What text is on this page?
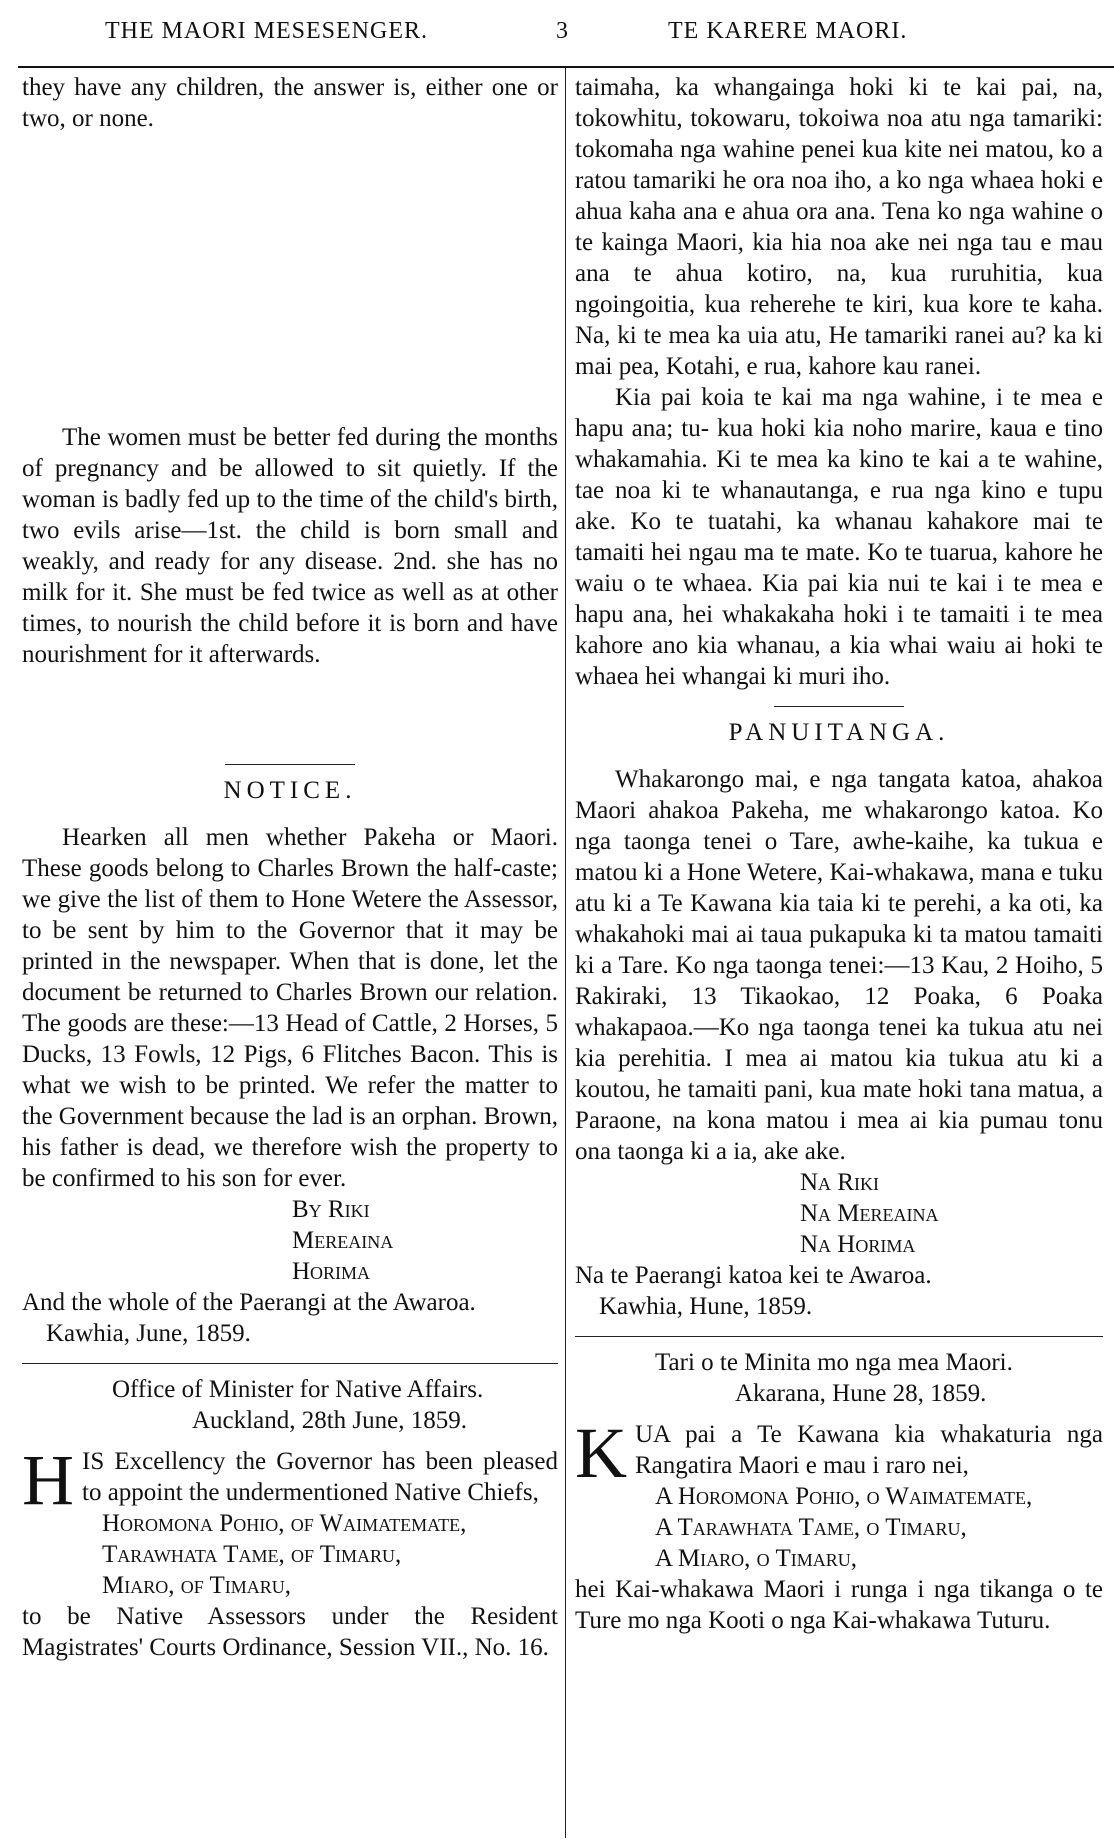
THE MAORI MESESENGER.	3	TE KARERE MAORI.

they have any children, the answer is, either one or two, or none.

The women must be better fed during the months of pregnancy and be allowed to sit quietly. If the woman is badly fed up to the time of the child's birth, two evils arise—1st. the child is born small and weakly, and ready for any disease. 2nd. she has no milk for it. She must be fed twice as well as at other times, to nourish the child before it is born and have nourishment for it afterwards.

NOTICE.

Hearken all men whether Pakeha or Maori. These goods belong to Charles Brown the half-caste; we give the list of them to Hone Wetere the Assessor, to be sent by him to the Governor that it may be printed in the newspaper. When that is done, let the document be returned to Charles Brown our relation. The goods are these:—13 Head of Cattle, 2 Horses, 5 Ducks, 13 Fowls, 12 Pigs, 6 Flitches Bacon. This is what we wish to be printed. We refer the matter to the Government because the lad is an orphan. Brown, his father is dead, we therefore wish the property to be confirmed to his son for ever.

By Riki
Mereaina
Horima

And the whole of the Paerangi at the Awaroa.

Kawhia, June, 1859.
Office of Minister for Native Affairs.
Auckland, 28th June, 1859.

HIS Excellency the Governor has been pleased to appoint the undermentioned Native Chiefs,

Horomona Pohio, of Waimatemate,
Tarawhata Tame, of Timaru,
Miaro, of Timaru,

to be Native Assessors under the Resident Magistrates' Courts Ordinance, Session VII., No. 16.

taimaha, ka whangainga hoki ki te kai pai, na, tokowhitu, tokowaru, tokoiwa noa atu nga tamariki: tokomaha nga wahine penei kua kite nei matou, ko a ratou tamariki he ora noa iho, a ko nga whaea hoki e ahua kaha ana e ahua ora ana. Tena ko nga wahine o te kainga Maori, kia hia noa ake nei nga tau e mau ana te ahua kotiro, na, kua ruruhitia, kua ngoingoitia, kua reherehe te kiri, kua kore te kaha. Na, ki te mea ka uia atu, He tamariki ranei au? ka ki mai pea, Kotahi, e rua, kahore kau ranei.

Kia pai koia te kai ma nga wahine, i te mea e hapu ana; tu- kua hoki kia noho marire, kaua e tino whakamahia. Ki te mea ka kino te kai a te wahine, tae noa ki te whanautanga, e rua nga kino e tupu ake. Ko te tuatahi, ka whanau kahakore mai te tamaiti hei ngau ma te mate. Ko te tuarua, kahore he waiu o te whaea. Kia pai kia nui te kai i te mea e hapu ana, hei whakakaha hoki i te tamaiti i te mea kahore ano kia whanau, a kia whai waiu ai hoki te whaea hei whangai ki muri iho.

PANUITANGA.

Whakarongo mai, e nga tangata katoa, ahakoa Maori ahakoa Pakeha, me whakarongo katoa. Ko nga taonga tenei o Tare, awhe-kaihe, ka tukua e matou ki a Hone Wetere, Kai-whakawa, mana e tuku atu ki a Te Kawana kia taia ki te perehi, a ka oti, ka whakahoki mai ai taua pukapuka ki ta matou tamaiti ki a Tare. Ko nga taonga tenei:—13 Kau, 2 Hoiho, 5 Rakiraki, 13 Tikaokao, 12 Poaka, 6 Poaka whakapaoa.—Ko nga taonga tenei ka tukua atu nei kia perehitia. I mea ai matou kia tukua atu ki a koutou, he tamaiti pani, kua mate hoki tana matua, a Paraone, na kona matou i mea ai kia pumau tonu ona taonga ki a ia, ake ake.

Na Riki
Na Mereaina
Na Horima

Na te Paerangi katoa kei te Awaroa.

Kawhia, Hune, 1859.
Tari o te Minita mo nga mea Maori.
Akarana, Hune 28, 1859.

KUA pai a Te Kawana kia whakaturia nga Rangatira Maori e mau i raro nei,

A Horomona Pohio, o Waimatemate,
A Tarawhata Tame, o Timaru,
A Miaro, o Timaru,

hei Kai-whakawa Maori i runga i nga tikanga o te Ture mo nga Kooti o nga Kai-whakawa Tuturu.
